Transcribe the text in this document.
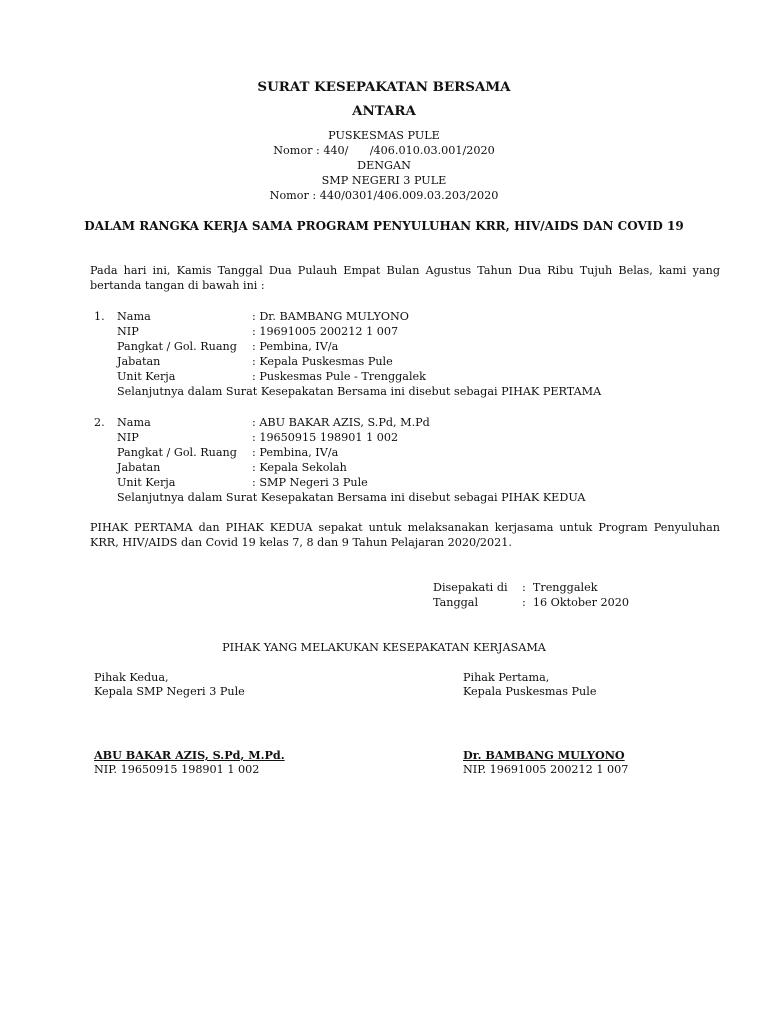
SURAT KESEPAKATAN BERSAMA
ANTARA
PUSKESMAS PULE
Nomor : 440/      /406.010.03.001/2020
DENGAN
SMP NEGERI 3 PULE
Nomor : 440/0301/406.009.03.203/2020
DALAM RANGKA KERJA SAMA PROGRAM PENYULUHAN KRR, HIV/AIDS DAN COVID 19
Pada hari ini, Kamis Tanggal Dua Pulauh Empat Bulan Agustus Tahun Dua Ribu Tujuh Belas, kami yang bertanda tangan di bawah ini :
1. Nama	: Dr. BAMBANG MULYONO
NIP	: 19691005 200212 1 007
Pangkat / Gol. Ruang : Pembina, IV/a
Jabatan	: Kepala Puskesmas Pule
Unit Kerja	: Puskesmas Pule - Trenggalek
Selanjutnya dalam Surat Kesepakatan Bersama ini disebut sebagai PIHAK PERTAMA
2. Nama	: ABU BAKAR AZIS, S.Pd, M.Pd
NIP	: 19650915 198901 1 002
Pangkat / Gol. Ruang : Pembina, IV/a
Jabatan	: Kepala Sekolah
Unit Kerja	: SMP Negeri 3 Pule
Selanjutnya dalam Surat Kesepakatan Bersama ini disebut sebagai PIHAK KEDUA
PIHAK PERTAMA dan PIHAK KEDUA sepakat untuk melaksanakan kerjasama untuk Program Penyuluhan KRR, HIV/AIDS dan Covid 19 kelas 7, 8 dan 9 Tahun Pelajaran 2020/2021.
Disepakati di :  Trenggalek
Tanggal	:  16 Oktober 2020
PIHAK YANG MELAKUKAN KESEPAKATAN KERJASAMA
Pihak Kedua,
Kepala SMP Negeri 3 Pule
ABU BAKAR AZIS, S.Pd, M.Pd.
NIP. 19650915 198901 1 002
Pihak Pertama,
Kepala Puskesmas Pule
Dr. BAMBANG MULYONO
NIP. 19691005 200212 1 007
